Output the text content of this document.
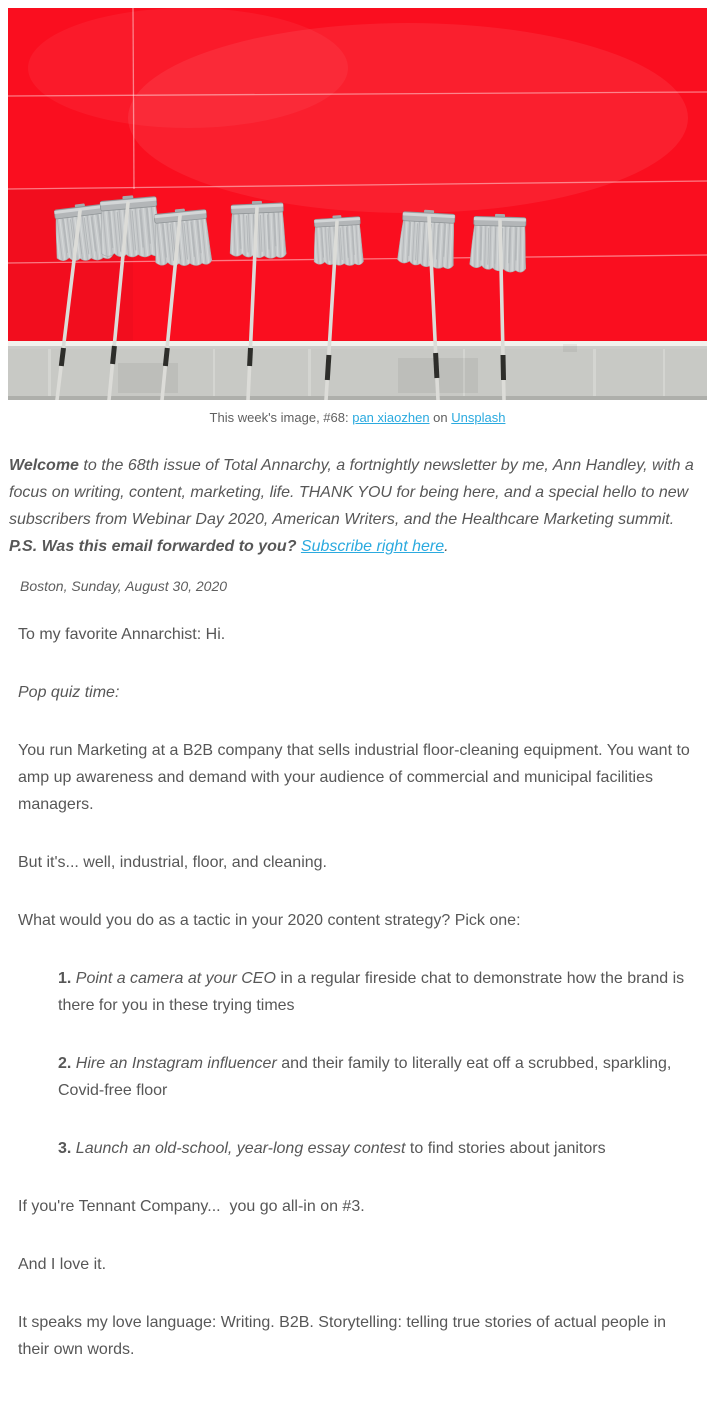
This week's image, #68: pan xiaozhen on Unsplash
Welcome to the 68th issue of Total Annarchy, a fortnightly newsletter by me, Ann Handley, with a focus on writing, content, marketing, life. THANK YOU for being here, and a special hello to new subscribers from Webinar Day 2020, American Writers, and the Healthcare Marketing summit. P.S. Was this email forwarded to you? Subscribe right here.
Boston, Sunday, August 30, 2020

To my favorite Annarchist: Hi.

Pop quiz time:

You run Marketing at a B2B company that sells industrial floor-cleaning equipment. You want to amp up awareness and demand with your audience of commercial and municipal facilities managers.

But it's... well, industrial, floor, and cleaning.

What would you do as a tactic in your 2020 content strategy? Pick one:

1. Point a camera at your CEO in a regular fireside chat to demonstrate how the brand is there for you in these trying times

2. Hire an Instagram influencer and their family to literally eat off a scrubbed, sparkling, Covid-free floor

3. Launch an old-school, year-long essay contest to find stories about janitors

If you're Tennant Company...  you go all-in on #3.

And I love it.

It speaks my love language: Writing. B2B. Storytelling: telling true stories of actual people in their own words.
